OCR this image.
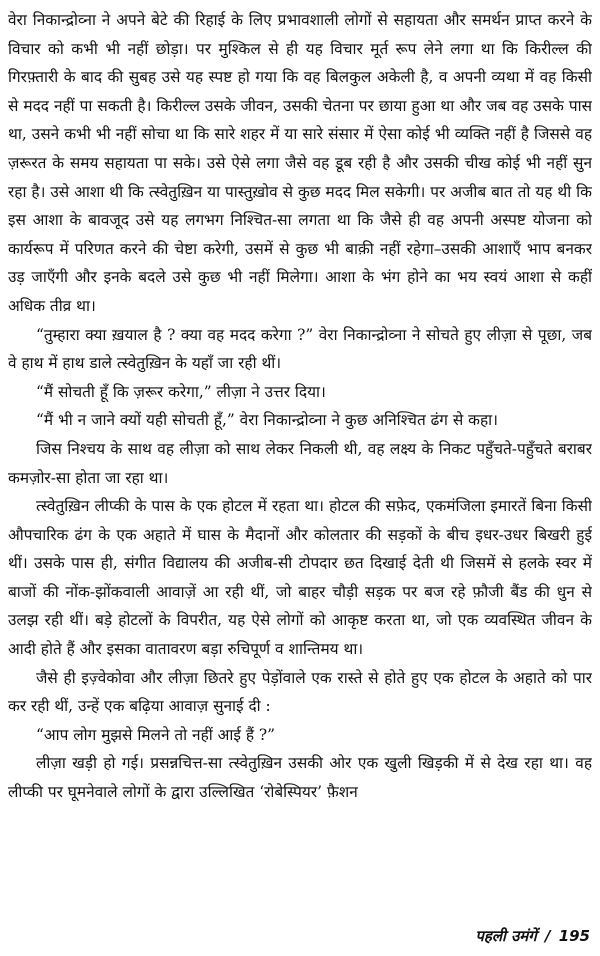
वेरा निकान्द्रोव्ना ने अपने बेटे की रिहाई के लिए प्रभावशाली लोगों से सहायता और समर्थन प्राप्त करने के विचार को कभी भी नहीं छोड़ा। पर मुश्किल से ही यह विचार मूर्त रूप लेने लगा था कि किरील्ल की गिरफ़्तारी के बाद की सुबह उसे यह स्पष्ट हो गया कि वह बिलकुल अकेली है, व अपनी व्यथा में वह किसी से मदद नहीं पा सकती है। किरील्ल उसके जीवन, उसकी चेतना पर छाया हुआ था और जब वह उसके पास था, उसने कभी भी नहीं सोचा था कि सारे शहर में या सारे संसार में ऐसा कोई भी व्यक्ति नहीं है जिससे वह ज़रूरत के समय सहायता पा सके। उसे ऐसे लगा जैसे वह डूब रही है और उसकी चीख कोई भी नहीं सुन रहा है। उसे आशा थी कि त्स्वेतुख़िन या पास्तुख़ोव से कुछ मदद मिल सकेगी। पर अजीब बात तो यह थी कि इस आशा के बावजूद उसे यह लगभग निश्चित-सा लगता था कि जैसे ही वह अपनी अस्पष्ट योजना को कार्यरूप में परिणत करने की चेष्टा करेगी, उसमें से कुछ भी बाक़ी नहीं रहेगा–उसकी आशाएँ भाप बनकर उड़ जाएँगी और इनके बदले उसे कुछ भी नहीं मिलेगा। आशा के भंग होने का भय स्वयं आशा से कहीं अधिक तीव्र था।

“तुम्हारा क्या ख़याल है ? क्या वह मदद करेगा ?” वेरा निकान्द्रोव्ना ने सोचते हुए लीज़ा से पूछा, जब वे हाथ में हाथ डाले त्स्वेतुख़िन के यहाँ जा रही थीं।

“मैं सोचती हूँ कि ज़रूर करेगा,” लीज़ा ने उत्तर दिया।

“मैं भी न जाने क्यों यही सोचती हूँ,” वेरा निकान्द्रोव्ना ने कुछ अनिश्चित ढंग से कहा।

जिस निश्चय के साथ वह लीज़ा को साथ लेकर निकली थी, वह लक्ष्य के निकट पहुँचते-पहुँचते बराबर कमज़ोर-सा होता जा रहा था।

त्स्वेतुख़िन लीप्की के पास के एक होटल में रहता था। होटल की सफ़ेद, एकमंजिला इमारतें बिना किसी औपचारिक ढंग के एक अहाते में घास के मैदानों और कोलतार की सड़कों के बीच इधर-उधर बिखरी हुई थीं। उसके पास ही, संगीत विद्यालय की अजीब-सी टोपदार छत दिखाई देती थी जिसमें से हलके स्वर में बाजों की नोंक-झोंकवाली आवाज़ें आ रही थीं, जो बाहर चौड़ी सड़क पर बज रहे फ़ौजी बैंड की धुन से उलझ रही थीं। बड़े होटलों के विपरीत, यह ऐसे लोगों को आकृष्ट करता था, जो एक व्यवस्थित जीवन के आदी होते हैं और इसका वातावरण बड़ा रुचिपूर्ण व शान्तिमय था।

जैसे ही इज़्वेकोवा और लीज़ा छितरे हुए पेड़ोंवाले एक रास्ते से होते हुए एक होटल के अहाते को पार कर रही थीं, उन्हें एक बढ़िया आवाज़ सुनाई दी :

“आप लोग मुझसे मिलने तो नहीं आई हैं ?”

लीज़ा खड़ी हो गई। प्रसन्नचित्त-सा त्स्वेतुख़िन उसकी ओर एक खुली खिड़की में से देख रहा था। वह लीप्की पर घूमनेवाले लोगों के द्वारा उल्लिखित ‘रोबेस्पियर’ फ़ैशन

पहली उमंगें / 195
